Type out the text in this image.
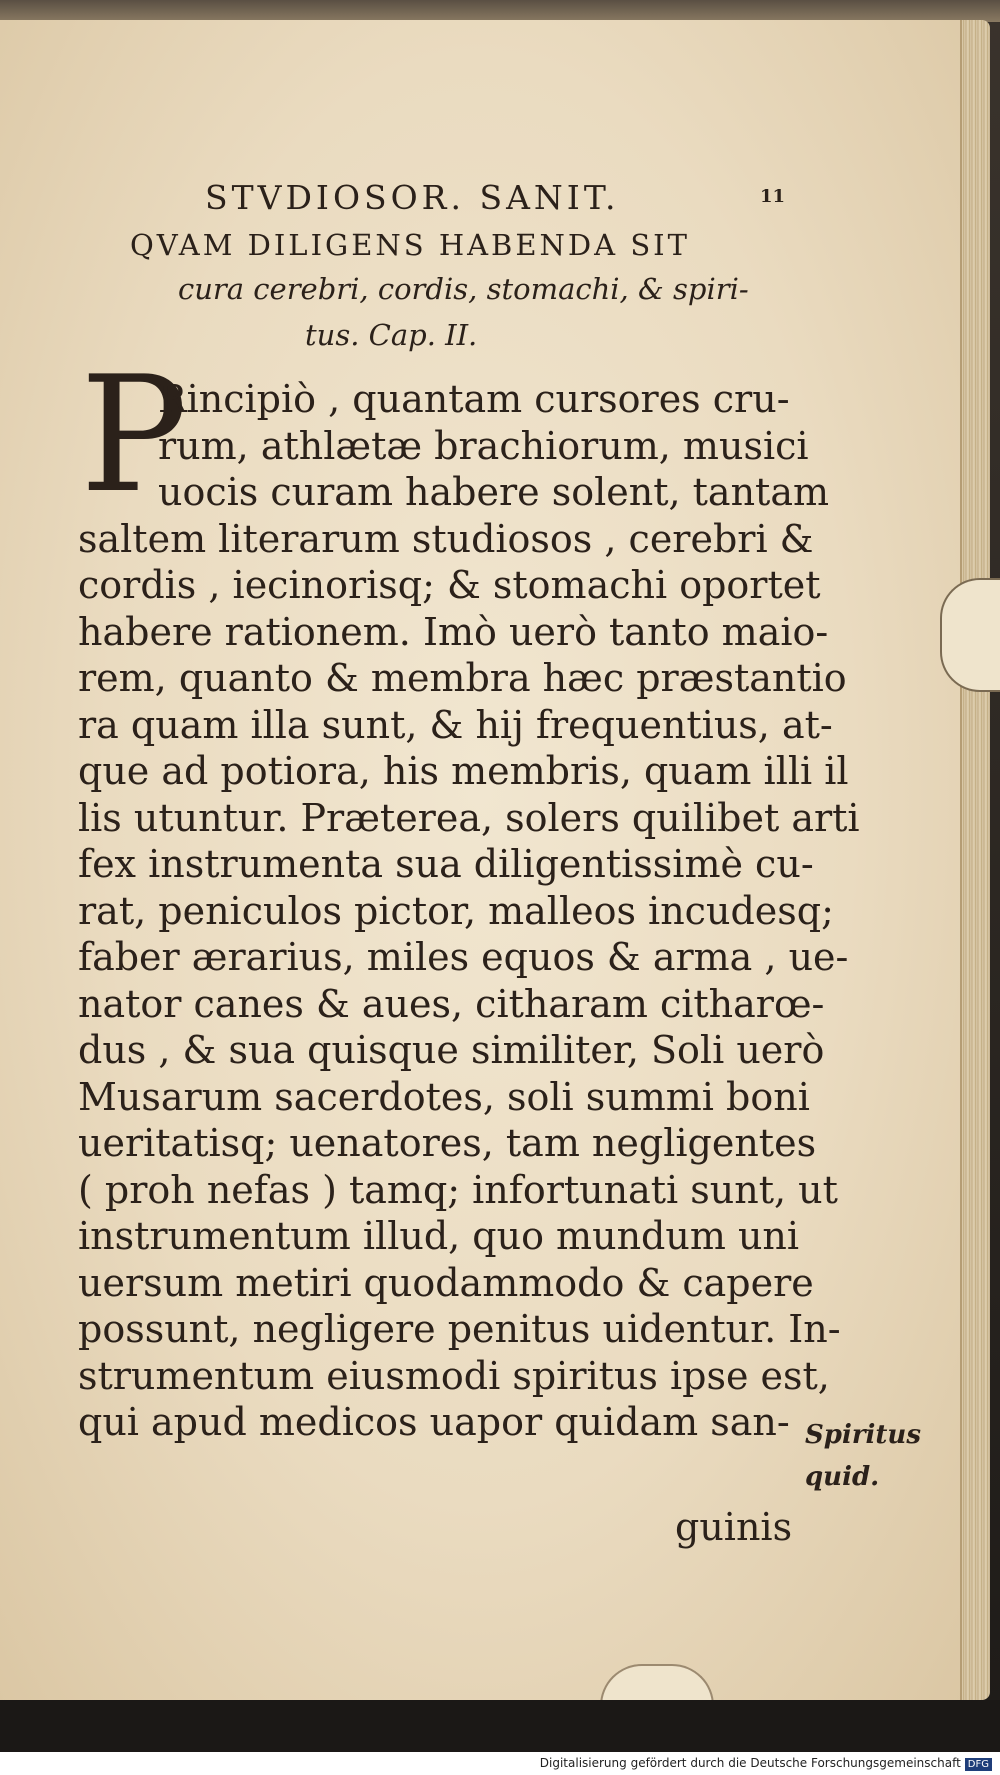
STVDIOSOR. SANIT.	11
QVAM DILIGENS HABENDA SIT
cura cerebri, cordis, stomachi, & spiri-
tus. Cap. II.
P
Rincipiò , quantam cursores cru-
rum, athlætæ brachiorum, musici
uocis curam habere solent, tantam
saltem literarum studiosos , cerebri &
cordis , iecinorisq; & stomachi oportet
habere rationem. Imò uerò tanto maio-
rem, quanto & membra hæc præstantio
ra quam illa sunt, & hij frequentius, at-
que ad potiora, his membris, quam illi il
lis utuntur. Præterea, solers quilibet arti
fex instrumenta sua diligentissimè cu-
rat, peniculos pictor, malleos incudesq;
faber ærarius, miles equos & arma , ue-
nator canes & aues, citharam citharœ-
dus , & sua quisque similiter, Soli uerò
Musarum sacerdotes, soli summi boni
ueritatisq; uenatores, tam negligentes
( proh nefas ) tamq; infortunati sunt, ut
instrumentum illud, quo mundum uni
uersum metiri quodammodo & capere
possunt, negligere penitus uidentur. In-
strumentum eiusmodi spiritus ipse est,
qui apud medicos uapor quidam san- Spiritus
quid.
guinis
Digitalisierung gefördert durch die Deutsche Forschungsgemeinschaft DFG
